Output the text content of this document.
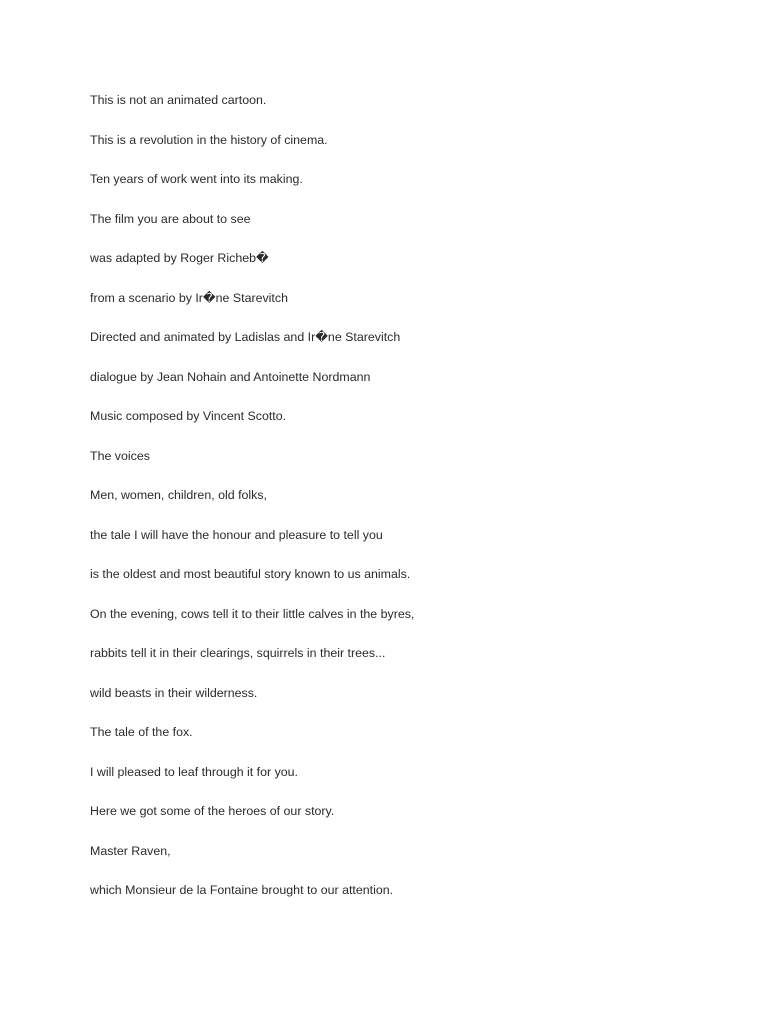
This is not an animated cartoon.
This is a revolution in the history of cinema.
Ten years of work went into its making.
The film you are about to see
was adapted by Roger Richeb�
from a scenario by Ir�ne Starevitch
Directed and animated by Ladislas and Ir�ne Starevitch
dialogue by Jean Nohain and Antoinette Nordmann
Music composed by Vincent Scotto.
The voices
Men, women, children, old folks,
the tale I will have the honour and pleasure to tell you
is the oldest and most beautiful story known to us animals.
On the evening, cows tell it to their little calves in the byres,
rabbits tell it in their clearings, squirrels in their trees...
wild beasts in their wilderness.
The tale of the fox.
I will pleased to leaf through it for you.
Here we got some of the heroes of our story.
Master Raven,
which Monsieur de la Fontaine brought to our attention.
